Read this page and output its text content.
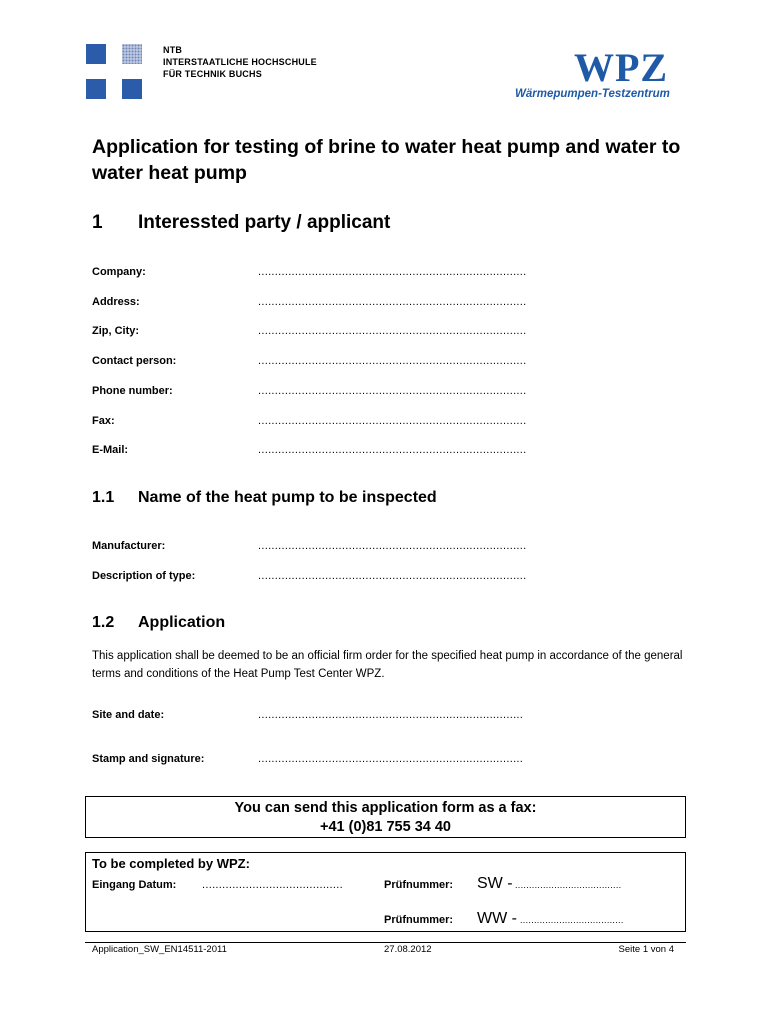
NTB
INTERSTAATLICHE HOCHSCHULE
FÜR TECHNIK BUCHS	WPZ
Wärmepumpen-Testzentrum
Application for testing of brine to water heat pump and water to water heat pump
1 Interessted party / applicant
Company:	................................................................................
Address:	................................................................................
Zip, City:	................................................................................
Contact person:	................................................................................
Phone number:	................................................................................
Fax:	................................................................................
E-Mail:	................................................................................
1.1 Name of the heat pump to be inspected
Manufacturer:	................................................................................
Description of type:	................................................................................
1.2 Application
This application shall be deemed to be an official firm order for the specified heat pump in accordance of the general terms and conditions of the Heat Pump Test Center WPZ.
Site and date:	...............................................................................
Stamp and signature:	...............................................................................
You can send this application form as a fax:
+41 (0)81 755 34 40
To be completed by WPZ:
Eingang Datum: ..........................................	Prüfnummer: SW - ......................................
Prüfnummer: WW - .....................................
Application_SW_EN14511-2011	27.08.2012	Seite 1 von 4
